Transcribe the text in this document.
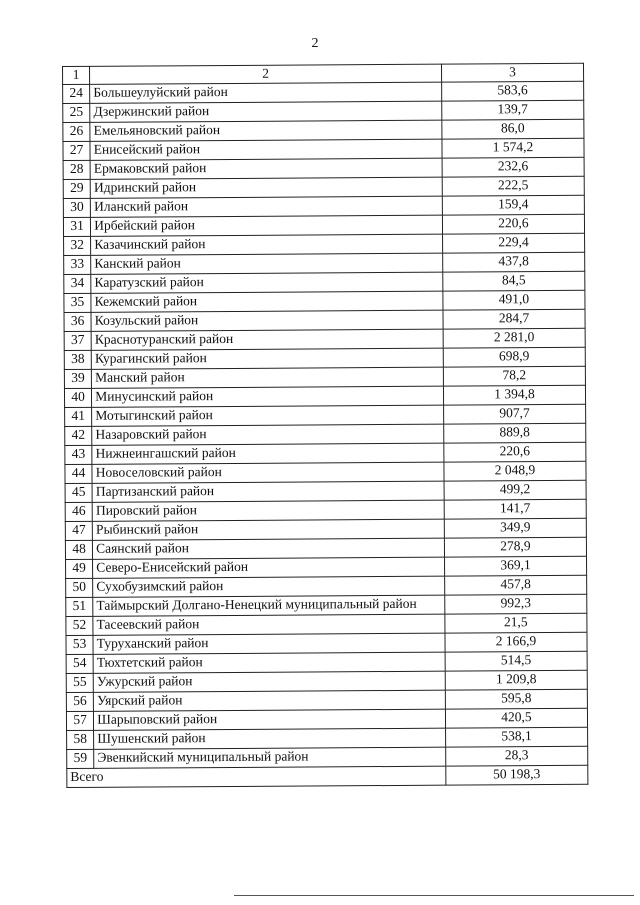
2
1	2	3
24	Большеулуйский район	583,6
25	Дзержинский район	139,7
26	Емельяновский район	86,0
27	Енисейский район	1 574,2
28	Ермаковский район	232,6
29	Идринский район	222,5
30	Иланский район	159,4
31	Ирбейский район	220,6
32	Казачинский район	229,4
33	Канский район	437,8
34	Каратузский район	84,5
35	Кежемский район	491,0
36	Козульский район	284,7
37	Краснотуранский район	2 281,0
38	Курагинский район	698,9
39	Манский район	78,2
40	Минусинский район	1 394,8
41	Мотыгинский район	907,7
42	Назаровский район	889,8
43	Нижнеингашский район	220,6
44	Новоселовский район	2 048,9
45	Партизанский район	499,2
46	Пировский район	141,7
47	Рыбинский район	349,9
48	Саянский район	278,9
49	Северо-Енисейский район	369,1
50	Сухобузимский район	457,8
51	Таймырский Долгано-Ненецкий муниципальный район	992,3
52	Тасеевский район	21,5
53	Туруханский район	2 166,9
54	Тюхтетский район	514,5
55	Ужурский район	1 209,8
56	Уярский район	595,8
57	Шарыповский район	420,5
58	Шушенский район	538,1
59	Эвенкийский муниципальный район	28,3
Всего		50 198,3
